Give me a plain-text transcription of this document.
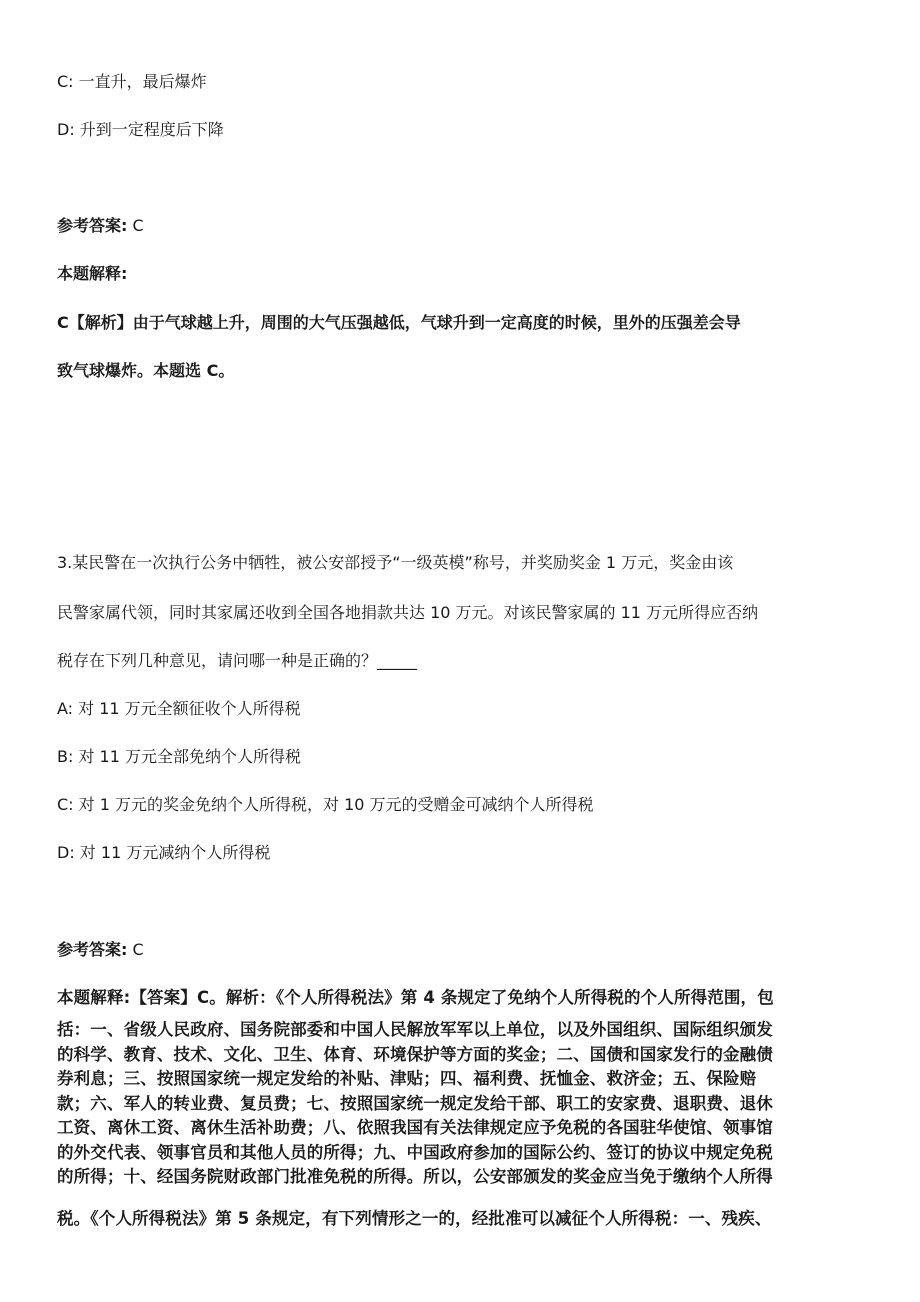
C: 一直升，最后爆炸
D: 升到一定程度后下降
参考答案: C
本题解释:
C【解析】由于气球越上升，周围的大气压强越低，气球升到一定高度的时候，里外的压强差会导
致气球爆炸。本题选 C。
3.某民警在一次执行公务中牺牲，被公安部授予“一级英模”称号，并奖励奖金 1 万元，奖金由该
民警家属代领，同时其家属还收到全国各地捐款共达 10 万元。对该民警家属的 11 万元所得应否纳
税存在下列几种意见，请问哪一种是正确的？_____
A: 对 11 万元全额征收个人所得税
B: 对 11 万元全部免纳个人所得税
C: 对 1 万元的奖金免纳个人所得税，对 10 万元的受赠金可减纳个人所得税
D: 对 11 万元减纳个人所得税
参考答案: C
本题解释:【答案】C。解析：《个人所得税法》第 4 条规定了免纳个人所得税的个人所得范围，包
括：一、省级人民政府、国务院部委和中国人民解放军军以上单位，以及外国组织、国际组织颁发
的科学、教育、技术、文化、卫生、体育、环境保护等方面的奖金；二、国债和国家发行的金融债
券利息；三、按照国家统一规定发给的补贴、津贴；四、福利费、抚恤金、救济金；五、保险赔
款；六、军人的转业费、复员费；七、按照国家统一规定发给干部、职工的安家费、退职费、退休
工资、离休工资、离休生活补助费；八、依照我国有关法律规定应予免税的各国驻华使馆、领事馆
的外交代表、领事官员和其他人员的所得；九、中国政府参加的国际公约、签订的协议中规定免税
的所得；十、经国务院财政部门批准免税的所得。所以，公安部颁发的奖金应当免于缴纳个人所得
税。《个人所得税法》第 5 条规定，有下列情形之一的，经批准可以减征个人所得税：一、残疾、
